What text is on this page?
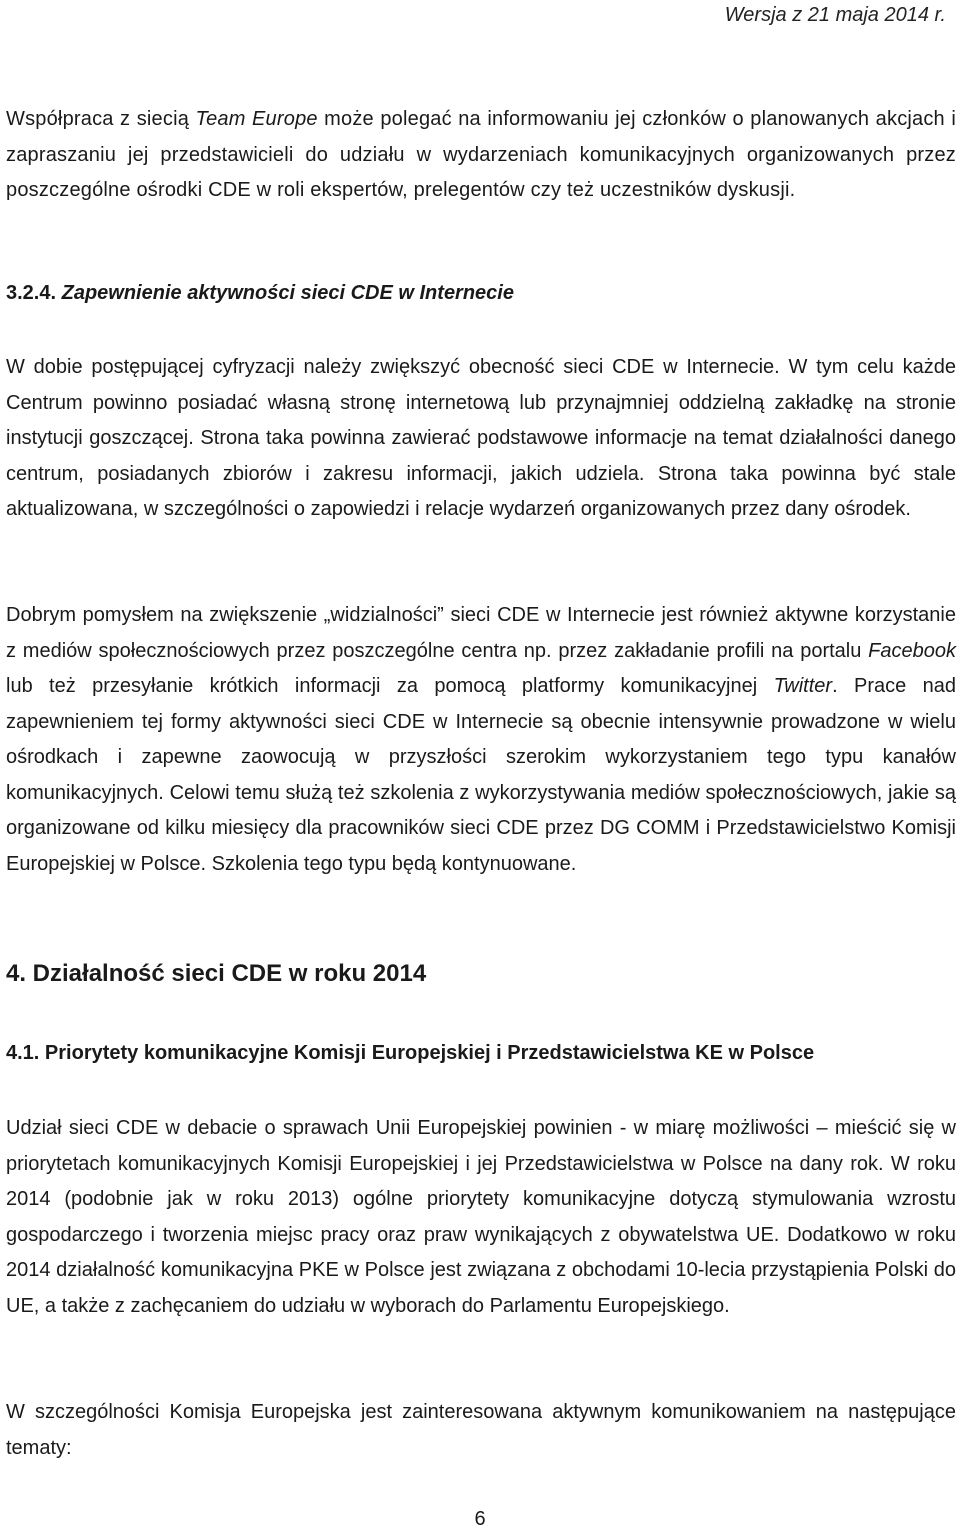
Wersja z 21 maja 2014 r.

Współpraca z siecią Team Europe może polegać na informowaniu jej członków o planowanych akcjach i zapraszaniu jej przedstawicieli do udziału w wydarzeniach komunikacyjnych organizowanych przez poszczególne ośrodki CDE w roli ekspertów, prelegentów czy też uczestników dyskusji.

3.2.4. Zapewnienie aktywności sieci CDE w Internecie

W dobie postępującej cyfryzacji należy zwiększyć obecność sieci CDE w Internecie. W tym celu każde Centrum powinno posiadać własną stronę internetową lub przynajmniej oddzielną zakładkę na stronie instytucji goszczącej. Strona taka powinna zawierać podstawowe informacje na temat działalności danego centrum, posiadanych zbiorów i zakresu informacji, jakich udziela. Strona taka powinna być stale aktualizowana, w szczególności o zapowiedzi i relacje wydarzeń organizowanych przez dany ośrodek.

Dobrym pomysłem na zwiększenie „widzialności” sieci CDE w Internecie jest również aktywne korzystanie z mediów społecznościowych przez poszczególne centra np. przez zakładanie profili na portalu Facebook lub też przesyłanie krótkich informacji za pomocą platformy komunikacyjnej Twitter. Prace nad zapewnieniem tej formy aktywności sieci CDE w Internecie są obecnie intensywnie prowadzone w wielu ośrodkach i zapewne zaowocują w przyszłości szerokim wykorzystaniem tego typu kanałów komunikacyjnych. Celowi temu służą też szkolenia z wykorzystywania mediów społecznościowych, jakie są organizowane od kilku miesięcy dla pracowników sieci CDE przez DG COMM i Przedstawicielstwo Komisji Europejskiej w Polsce. Szkolenia tego typu będą kontynuowane.

4. Działalność sieci CDE w roku 2014
4.1. Priorytety komunikacyjne Komisji Europejskiej i Przedstawicielstwa KE w Polsce

Udział sieci CDE w debacie o sprawach Unii Europejskiej powinien - w miarę możliwości – mieścić się w priorytetach komunikacyjnych Komisji Europejskiej i jej Przedstawicielstwa w Polsce na dany rok. W roku 2014 (podobnie jak w roku 2013) ogólne priorytety komunikacyjne dotyczą stymulowania wzrostu gospodarczego i tworzenia miejsc pracy oraz praw wynikających z obywatelstwa UE. Dodatkowo w roku 2014 działalność komunikacyjna PKE w Polsce jest związana z obchodami 10-lecia przystąpienia Polski do UE, a także z zachęcaniem do udziału w wyborach do Parlamentu Europejskiego.

W szczególności Komisja Europejska jest zainteresowana aktywnym komunikowaniem na następujące tematy:

6
